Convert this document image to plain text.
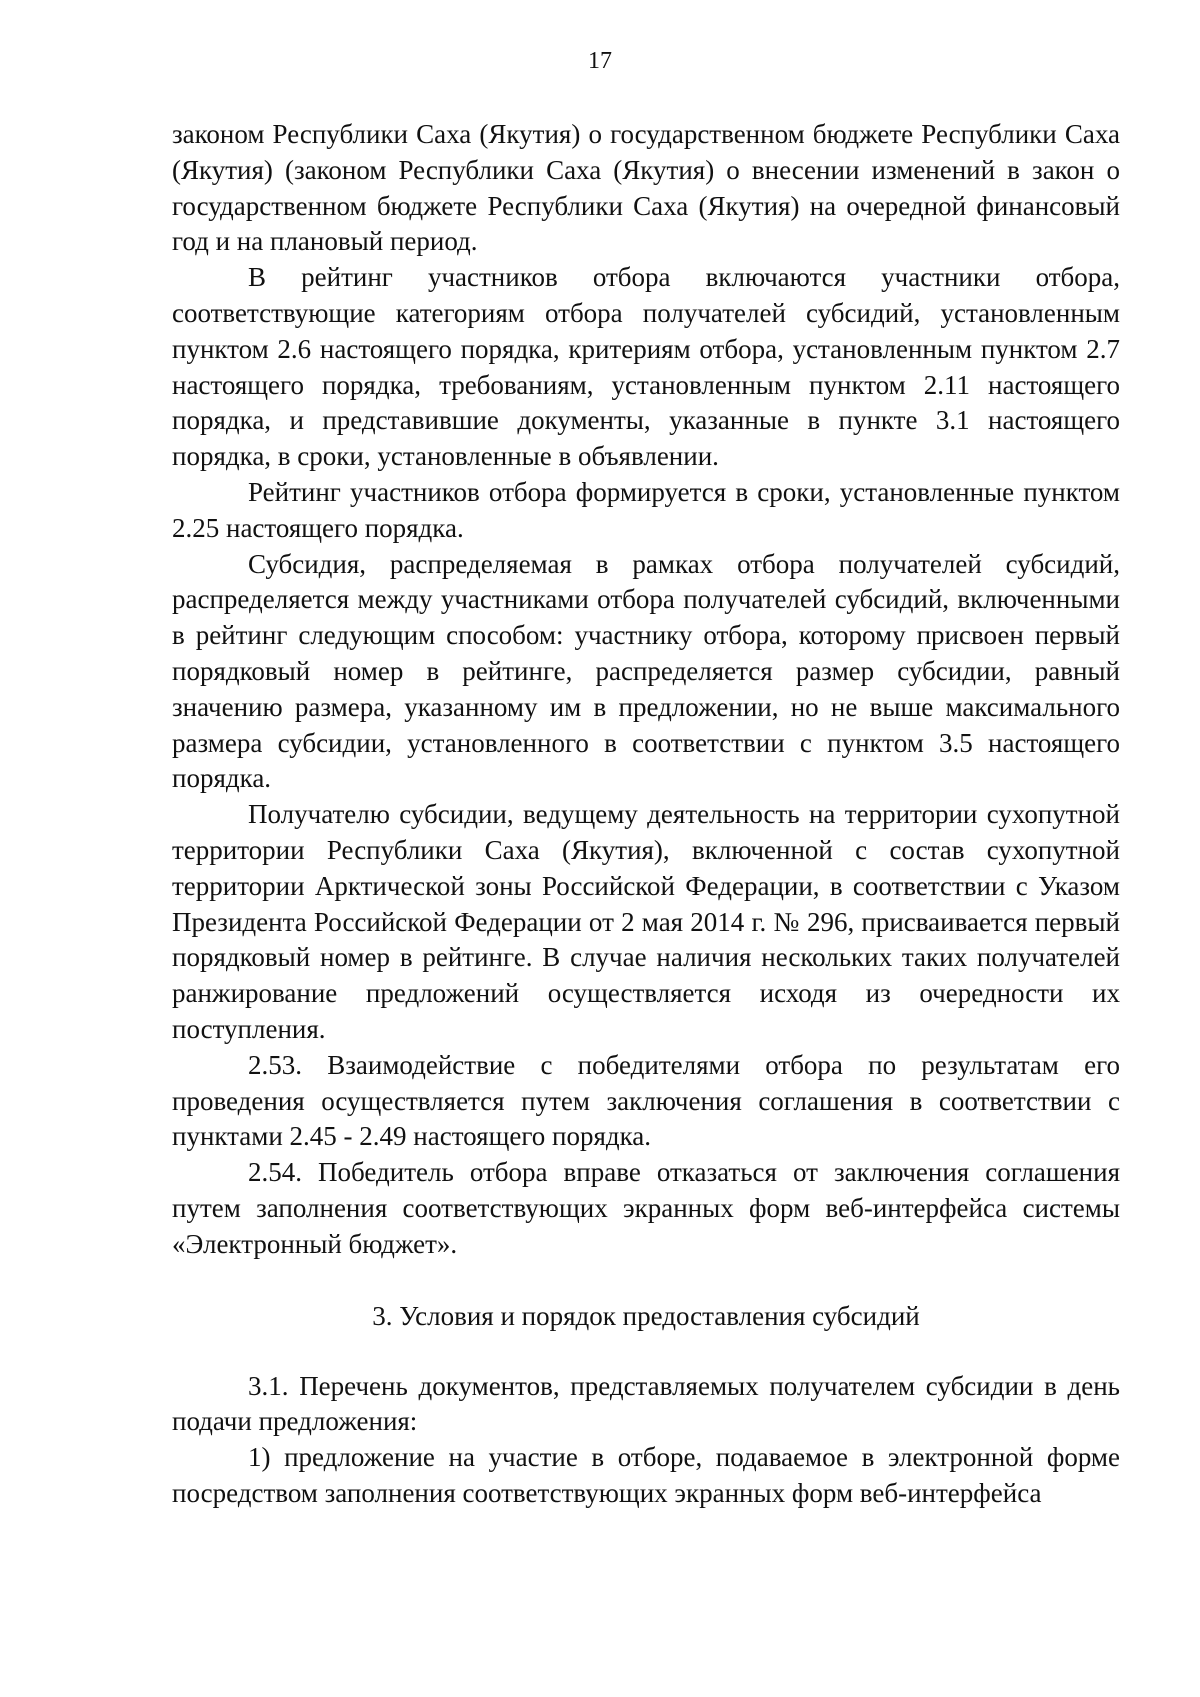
17

законом Республики Саха (Якутия) о государственном бюджете Республики Саха (Якутия) (законом Республики Саха (Якутия) о внесении изменений в закон о государственном бюджете Республики Саха (Якутия) на очередной финансовый год и на плановый период.

В рейтинг участников отбора включаются участники отбора, соответствующие категориям отбора получателей субсидий, установленным пунктом 2.6 настоящего порядка, критериям отбора, установленным пунктом 2.7 настоящего порядка, требованиям, установленным пунктом 2.11 настоящего порядка, и представившие документы, указанные в пункте 3.1 настоящего порядка, в сроки, установленные в объявлении.

Рейтинг участников отбора формируется в сроки, установленные пунктом 2.25 настоящего порядка.

Субсидия, распределяемая в рамках отбора получателей субсидий, распределяется между участниками отбора получателей субсидий, включенными в рейтинг следующим способом: участнику отбора, которому присвоен первый порядковый номер в рейтинге, распределяется размер субсидии, равный значению размера, указанному им в предложении, но не выше максимального размера субсидии, установленного в соответствии с пунктом 3.5 настоящего порядка.

Получателю субсидии, ведущему деятельность на территории сухопутной территории Республики Саха (Якутия), включенной с состав сухопутной территории Арктической зоны Российской Федерации, в соответствии с Указом Президента Российской Федерации от 2 мая 2014 г. № 296, присваивается первый порядковый номер в рейтинге. В случае наличия нескольких таких получателей ранжирование предложений осуществляется исходя из очередности их поступления.

2.53. Взаимодействие с победителями отбора по результатам его проведения осуществляется путем заключения соглашения в соответствии с пунктами 2.45 - 2.49 настоящего порядка.

2.54. Победитель отбора вправе отказаться от заключения соглашения путем заполнения соответствующих экранных форм веб-интерфейса системы «Электронный бюджет».

3. Условия и порядок предоставления субсидий

3.1. Перечень документов, представляемых получателем субсидии в день подачи предложения:

1) предложение на участие в отборе, подаваемое в электронной форме посредством заполнения соответствующих экранных форм веб-интерфейса
